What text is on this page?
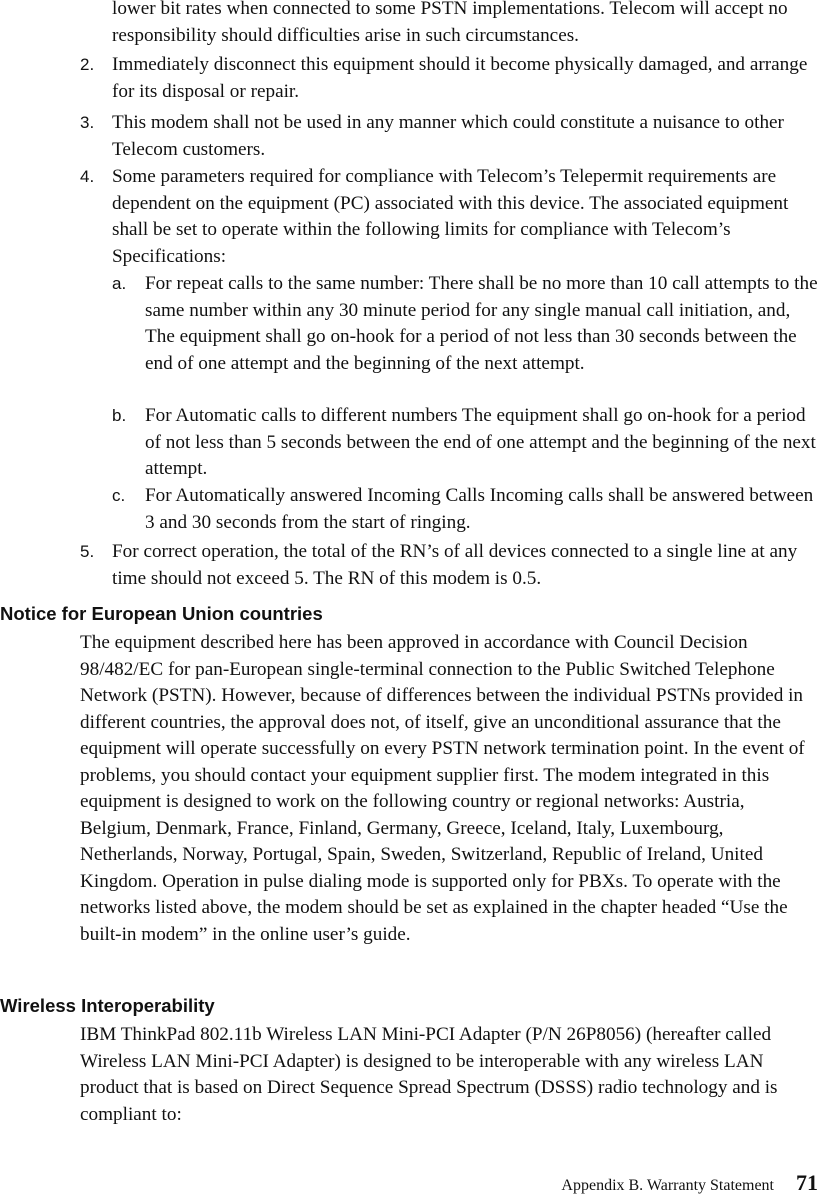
lower bit rates when connected to some PSTN implementations. Telecom will accept no responsibility should difficulties arise in such circumstances.

2. Immediately disconnect this equipment should it become physically damaged, and arrange for its disposal or repair.

3. This modem shall not be used in any manner which could constitute a nuisance to other Telecom customers.

4. Some parameters required for compliance with Telecom’s Telepermit requirements are dependent on the equipment (PC) associated with this device. The associated equipment shall be set to operate within the following limits for compliance with Telecom’s Specifications:

a. For repeat calls to the same number: There shall be no more than 10 call attempts to the same number within any 30 minute period for any single manual call initiation, and, The equipment shall go on-hook for a period of not less than 30 seconds between the end of one attempt and the beginning of the next attempt.

b. For Automatic calls to different numbers The equipment shall go on-hook for a period of not less than 5 seconds between the end of one attempt and the beginning of the next attempt.

c. For Automatically answered Incoming Calls Incoming calls shall be answered between 3 and 30 seconds from the start of ringing.

5. For correct operation, the total of the RN’s of all devices connected to a single line at any time should not exceed 5. The RN of this modem is 0.5.

Notice for European Union countries

The equipment described here has been approved in accordance with Council Decision 98/482/EC for pan-European single-terminal connection to the Public Switched Telephone Network (PSTN). However, because of differences between the individual PSTNs provided in different countries, the approval does not, of itself, give an unconditional assurance that the equipment will operate successfully on every PSTN network termination point. In the event of problems, you should contact your equipment supplier first. The modem integrated in this equipment is designed to work on the following country or regional networks: Austria, Belgium, Denmark, France, Finland, Germany, Greece, Iceland, Italy, Luxembourg, Netherlands, Norway, Portugal, Spain, Sweden, Switzerland, Republic of Ireland, United Kingdom. Operation in pulse dialing mode is supported only for PBXs. To operate with the networks listed above, the modem should be set as explained in the chapter headed “Use the built-in modem” in the online user’s guide.

Wireless Interoperability

IBM ThinkPad 802.11b Wireless LAN Mini-PCI Adapter (P/N 26P8056) (hereafter called Wireless LAN Mini-PCI Adapter) is designed to be interoperable with any wireless LAN product that is based on Direct Sequence Spread Spectrum (DSSS) radio technology and is compliant to:

Appendix B. Warranty Statement 71
